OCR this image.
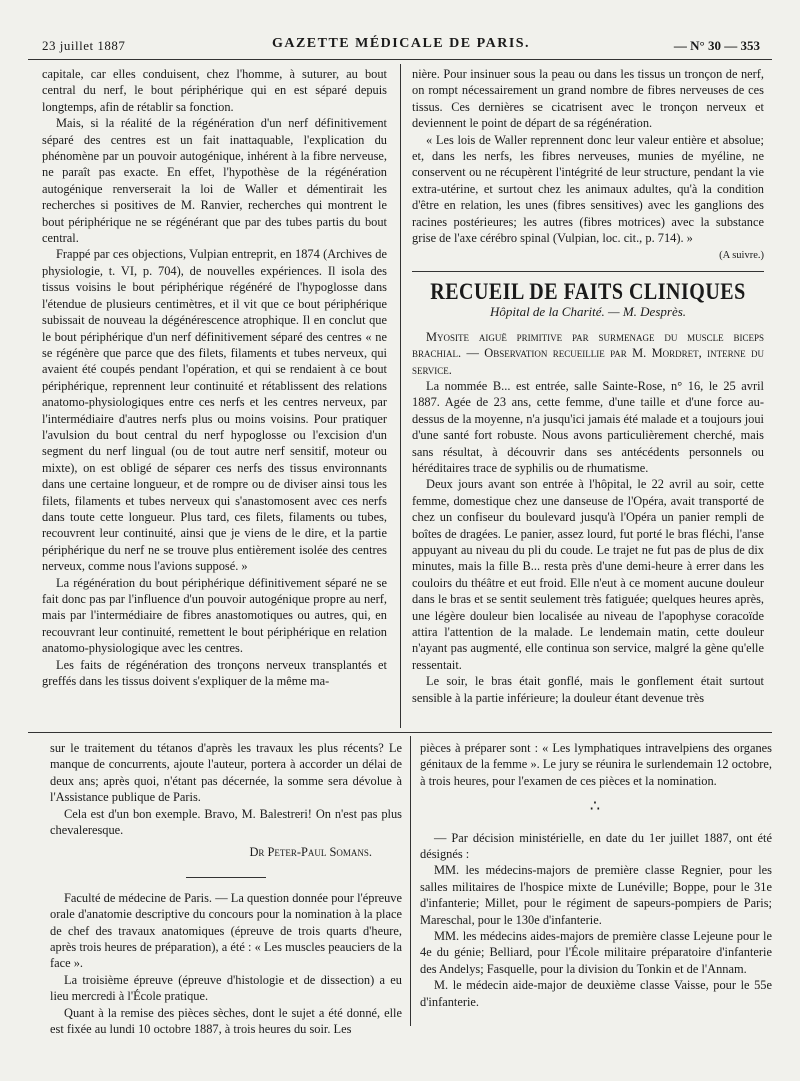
23 juillet 1887	GAZETTE MÉDICALE DE PARIS.	— N° 30 — 353

capitale, car elles conduisent, chez l'homme, à suturer, au bout central du nerf, le bout périphérique qui en est séparé depuis longtemps, afin de rétablir sa fonction.

Mais, si la réalité de la régénération d'un nerf définitivement séparé des centres est un fait inattaquable, l'explication du phénomène par un pouvoir autogénique, inhérent à la fibre nerveuse, ne paraît pas exacte. En effet, l'hypothèse de la régénération autogénique renverserait la loi de Waller et démentirait les recherches si positives de M. Ranvier, recherches qui montrent le bout périphérique ne se régénérant que par des tubes partis du bout central.

Frappé par ces objections, Vulpian entreprit, en 1874 (Archives de physiologie, t. VI, p. 704), de nouvelles expériences. Il isola des tissus voisins le bout périphérique régénéré de l'hypoglosse dans l'étendue de plusieurs centimètres, et il vit que ce bout périphérique subissait de nouveau la dégénérescence atrophique. Il en conclut que le bout périphérique d'un nerf définitivement séparé des centres « ne se régénère que parce que des filets, filaments et tubes nerveux, qui avaient été coupés pendant l'opération, et qui se rendaient à ce bout périphérique, reprennent leur continuité et rétablissent des relations anatomo-physiologiques entre ces nerfs et les centres nerveux, par l'intermédiaire d'autres nerfs plus ou moins voisins. Pour pratiquer l'avulsion du bout central du nerf hypoglosse ou l'excision d'un segment du nerf lingual (ou de tout autre nerf sensitif, moteur ou mixte), on est obligé de séparer ces nerfs des tissus environnants dans une certaine longueur, et de rompre ou de diviser ainsi tous les filets, filaments et tubes nerveux qui s'anastomosent avec ces nerfs dans toute cette longueur. Plus tard, ces filets, filaments ou tubes, recouvrent leur continuité, ainsi que je viens de le dire, et la partie périphérique du nerf ne se trouve plus entièrement isolée des centres nerveux, comme nous l'avions supposé. »

La régénération du bout périphérique définitivement séparé ne se fait donc pas par l'influence d'un pouvoir autogénique propre au nerf, mais par l'intermédiaire de fibres anastomotiques ou autres, qui, en recouvrant leur continuité, remettent le bout périphérique en relation anatomo-physiologique avec les centres.

Les faits de régénération des tronçons nerveux transplantés et greffés dans les tissus doivent s'expliquer de la même ma-

nière. Pour insinuer sous la peau ou dans les tissus un tronçon de nerf, on rompt nécessairement un grand nombre de fibres nerveuses de ces tissus. Ces dernières se cicatrisent avec le tronçon nerveux et deviennent le point de départ de sa régénération.

« Les lois de Waller reprennent donc leur valeur entière et absolue; et, dans les nerfs, les fibres nerveuses, munies de myéline, ne conservent ou ne récupèrent l'intégrité de leur structure, pendant la vie extra-utérine, et surtout chez les animaux adultes, qu'à la condition d'être en relation, les unes (fibres sensitives) avec les ganglions des racines postérieures; les autres (fibres motrices) avec la substance grise de l'axe cérébro spinal (Vulpian, loc. cit., p. 714). »

(A suivre.)
RECUEIL DE FAITS CLINIQUES
Hôpital de la Charité. — M. Desprès.

Myosite aiguë primitive par surmenage du muscle biceps brachial. — Observation recueillie par M. Mordret, interne du service.

La nommée B... est entrée, salle Sainte-Rose, n° 16, le 25 avril 1887. Agée de 23 ans, cette femme, d'une taille et d'une force au-dessus de la moyenne, n'a jusqu'ici jamais été malade et a toujours joui d'une santé fort robuste. Nous avons particulièrement cherché, mais sans résultat, à découvrir dans ses antécédents personnels ou héréditaires trace de syphilis ou de rhumatisme.

Deux jours avant son entrée à l'hôpital, le 22 avril au soir, cette femme, domestique chez une danseuse de l'Opéra, avait transporté de chez un confiseur du boulevard jusqu'à l'Opéra un panier rempli de boîtes de dragées. Le panier, assez lourd, fut porté le bras fléchi, l'anse appuyant au niveau du pli du coude. Le trajet ne fut pas de plus de dix minutes, mais la fille B... resta près d'une demi-heure à errer dans les couloirs du théâtre et eut froid. Elle n'eut à ce moment aucune douleur dans le bras et se sentit seulement très fatiguée; quelques heures après, une légère douleur bien localisée au niveau de l'apophyse coracoïde attira l'attention de la malade. Le lendemain matin, cette douleur n'ayant pas augmenté, elle continua son service, malgré la gène qu'elle ressentait.

Le soir, le bras était gonflé, mais le gonflement était surtout sensible à la partie inférieure; la douleur étant devenue très

sur le traitement du tétanos d'après les travaux les plus récents? Le manque de concurrents, ajoute l'auteur, portera à accorder un délai de deux ans; après quoi, n'étant pas décernée, la somme sera dévolue à l'Assistance publique de Paris.

Cela est d'un bon exemple. Bravo, M. Balestreri! On n'est pas plus chevaleresque.

Dr Peter-Paul Somans.

Faculté de médecine de Paris. — La question donnée pour l'épreuve orale d'anatomie descriptive du concours pour la nomination à la place de chef des travaux anatomiques (épreuve de trois quarts d'heure, après trois heures de préparation), a été : « Les muscles peauciers de la face ».

La troisième épreuve (épreuve d'histologie et de dissection) a eu lieu mercredi à l'École pratique.

Quant à la remise des pièces sèches, dont le sujet a été donné, elle est fixée au lundi 10 octobre 1887, à trois heures du soir. Les

pièces à préparer sont : « Les lymphatiques intravelpiens des organes génitaux de la femme ». Le jury se réunira le surlendemain 12 octobre, à trois heures, pour l'examen de ces pièces et la nomination.

∴

— Par décision ministérielle, en date du 1er juillet 1887, ont été désignés :

MM. les médecins-majors de première classe Regnier, pour les salles militaires de l'hospice mixte de Lunéville; Boppe, pour le 31e d'infanterie; Millet, pour le régiment de sapeurs-pompiers de Paris; Mareschal, pour le 130e d'infanterie.

MM. les médecins aides-majors de première classe Lejeune pour le 4e du génie; Belliard, pour l'École militaire préparatoire d'infanterie des Andelys; Fasquelle, pour la division du Tonkin et de l'Annam.

M. le médecin aide-major de deuxième classe Vaisse, pour le 55e d'infanterie.
